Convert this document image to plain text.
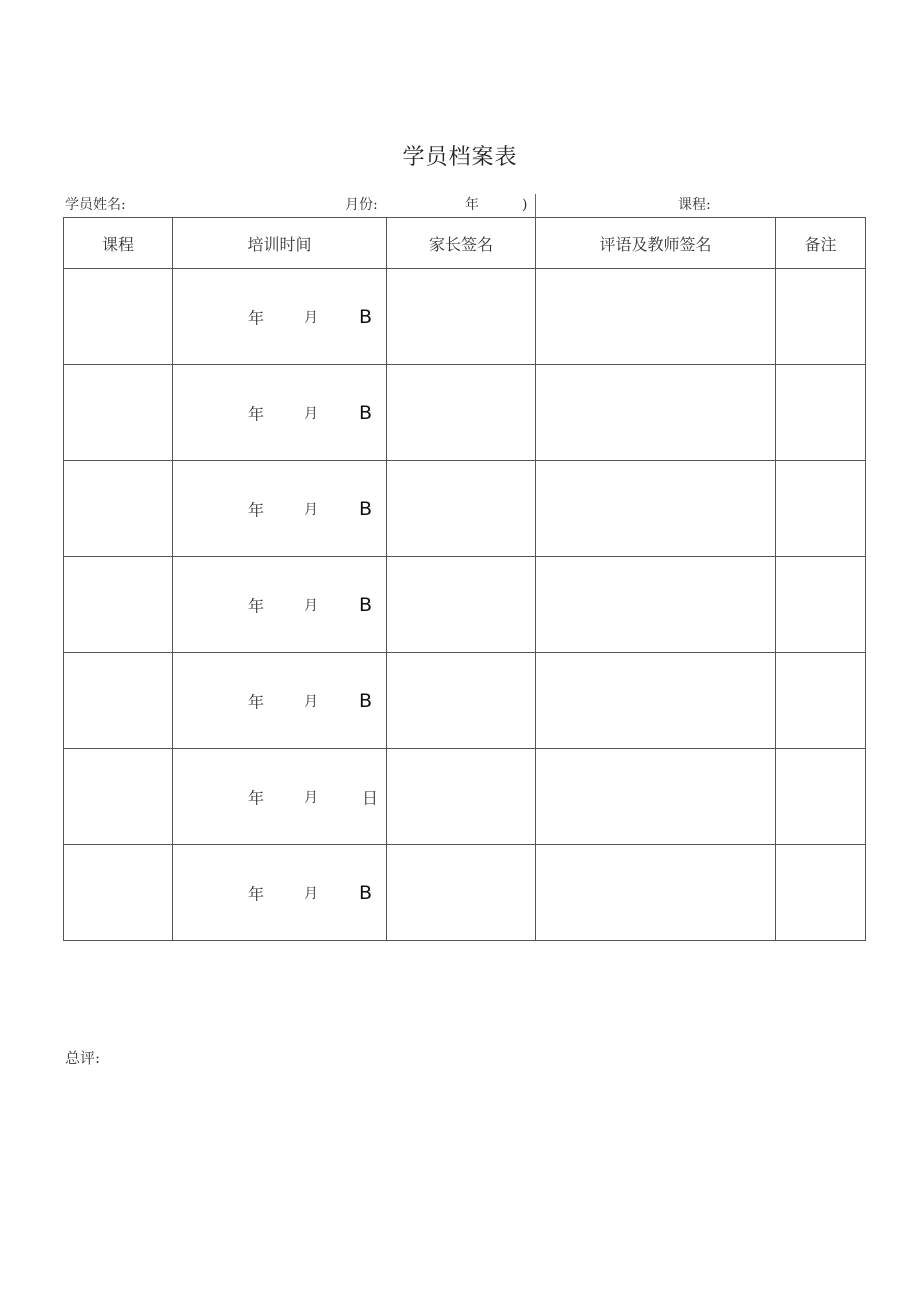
学员档案表
学员姓名:	月份:	年	)	课程:
课程	培训时间	家长签名	评语及教师签名	备注

	年 月 B			

	年 月 B			

	年 月 B			

	年 月 B			

	年 月 B			

	年 月 日			

	年 月 B			

总评:
